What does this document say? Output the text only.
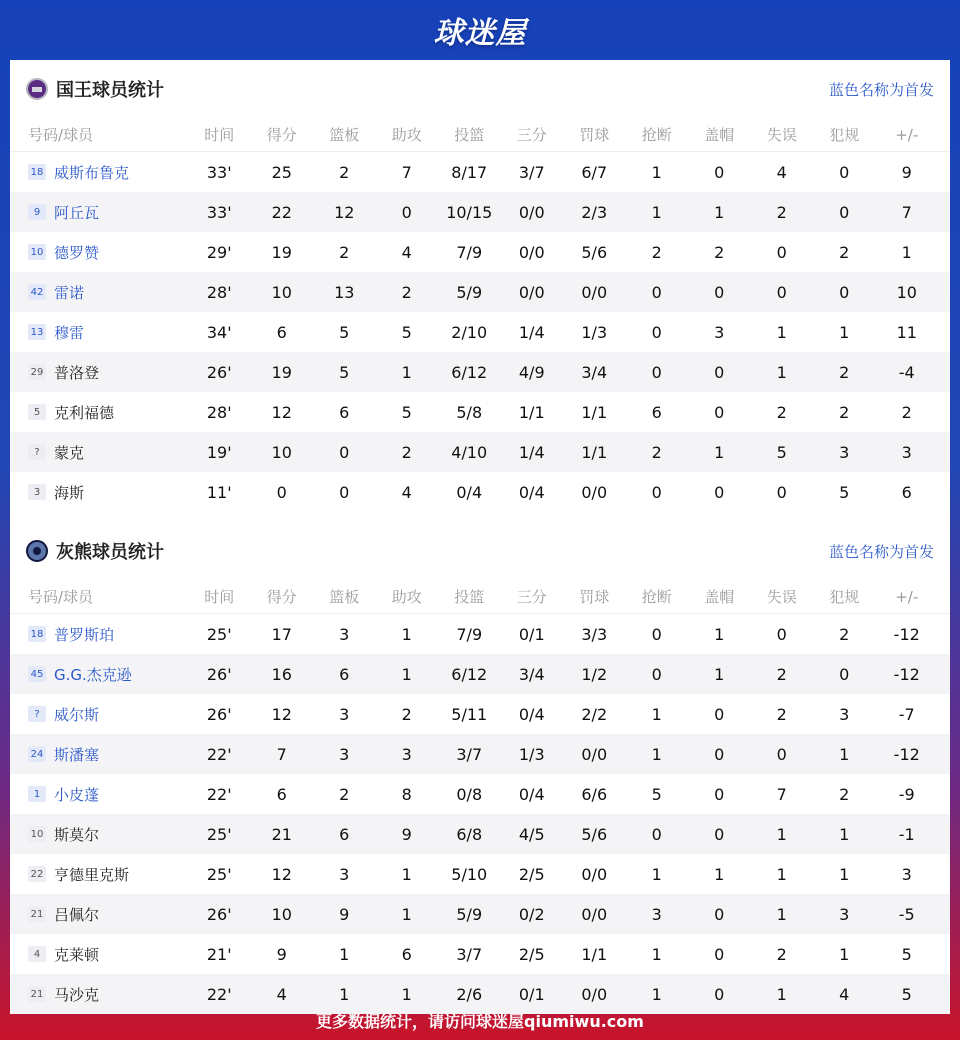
球迷屋
国王球员统计	蓝色名称为首发
号码/球员	时间	得分	篮板	助攻	投篮	三分	罚球	抢断	盖帽	失误	犯规	+/-
18 威斯布鲁克	33'	25	2	7	8/17	3/7	6/7	1	0	4	0	9
9 阿丘瓦	33'	22	12	0	10/15	0/0	2/3	1	1	2	0	7
10 德罗赞	29'	19	2	4	7/9	0/0	5/6	2	2	0	2	1
42 雷诺	28'	10	13	2	5/9	0/0	0/0	0	0	0	0	10
13 穆雷	34'	6	5	5	2/10	1/4	1/3	0	3	1	1	11
29 普洛登	26'	19	5	1	6/12	4/9	3/4	0	0	1	2	-4
5 克利福德	28'	12	6	5	5/8	1/1	1/1	6	0	2	2	2
? 蒙克	19'	10	0	2	4/10	1/4	1/1	2	1	5	3	3
3 海斯	11'	0	0	4	0/4	0/4	0/0	0	0	0	5	6
灰熊球员统计	蓝色名称为首发
号码/球员	时间	得分	篮板	助攻	投篮	三分	罚球	抢断	盖帽	失误	犯规	+/-
18 普罗斯珀	25'	17	3	1	7/9	0/1	3/3	0	1	0	2	-12
45 G.G.杰克逊	26'	16	6	1	6/12	3/4	1/2	0	1	2	0	-12
? 威尔斯	26'	12	3	2	5/11	0/4	2/2	1	0	2	3	-7
24 斯潘塞	22'	7	3	3	3/7	1/3	0/0	1	0	0	1	-12
1 小皮蓬	22'	6	2	8	0/8	0/4	6/6	5	0	7	2	-9
10 斯莫尔	25'	21	6	9	6/8	4/5	5/6	0	0	1	1	-1
22 亨德里克斯	25'	12	3	1	5/10	2/5	0/0	1	1	1	1	3
21 吕佩尔	26'	10	9	1	5/9	0/2	0/0	3	0	1	3	-5
4 克莱顿	21'	9	1	6	3/7	2/5	1/1	1	0	2	1	5
21 马沙克	22'	4	1	1	2/6	0/1	0/0	1	0	1	4	5
更多数据统计，请访问球迷屋qiumiwu.com
